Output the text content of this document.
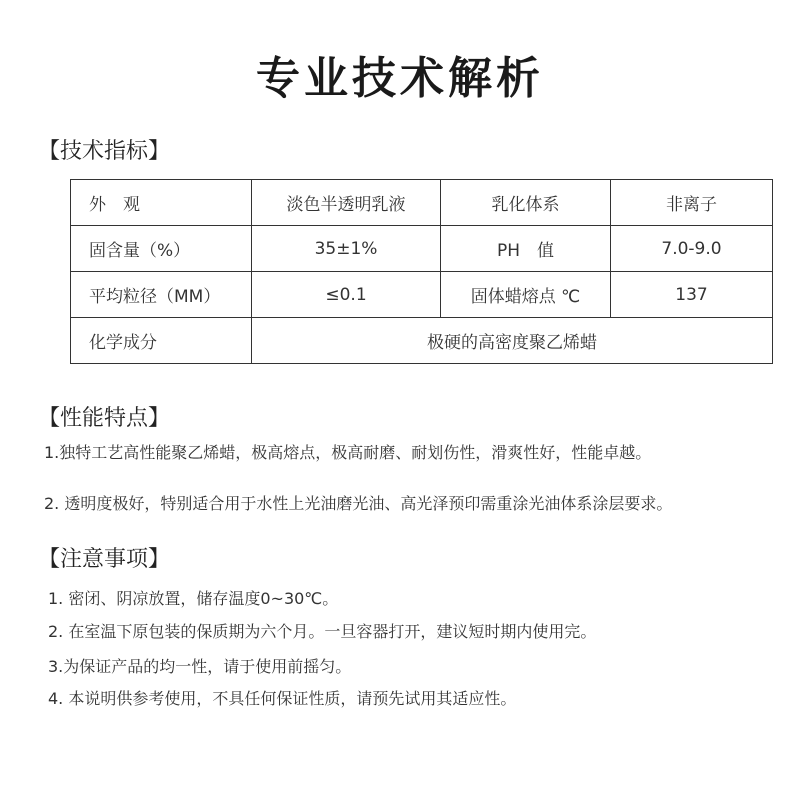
专业技术解析
【技术指标】
外　观	淡色半透明乳液	乳化体系	非离子
固含量（%）	35±1%	PH　值	7.0-9.0
平均粒径（MM）	≤0.1	固体蜡熔点 ℃	137
化学成分	极硬的高密度聚乙烯蜡		
【性能特点】
1.独特工艺高性能聚乙烯蜡，极高熔点，极高耐磨、耐划伤性，滑爽性好，性能卓越。
2. 透明度极好，特别适合用于水性上光油磨光油、高光泽预印需重涂光油体系涂层要求。
【注意事项】
1. 密闭、阴凉放置，储存温度0~30℃。
2. 在室温下原包装的保质期为六个月。一旦容器打开，建议短时期内使用完。
3.为保证产品的均一性，请于使用前摇匀。
4. 本说明供参考使用，不具任何保证性质，请预先试用其适应性。
